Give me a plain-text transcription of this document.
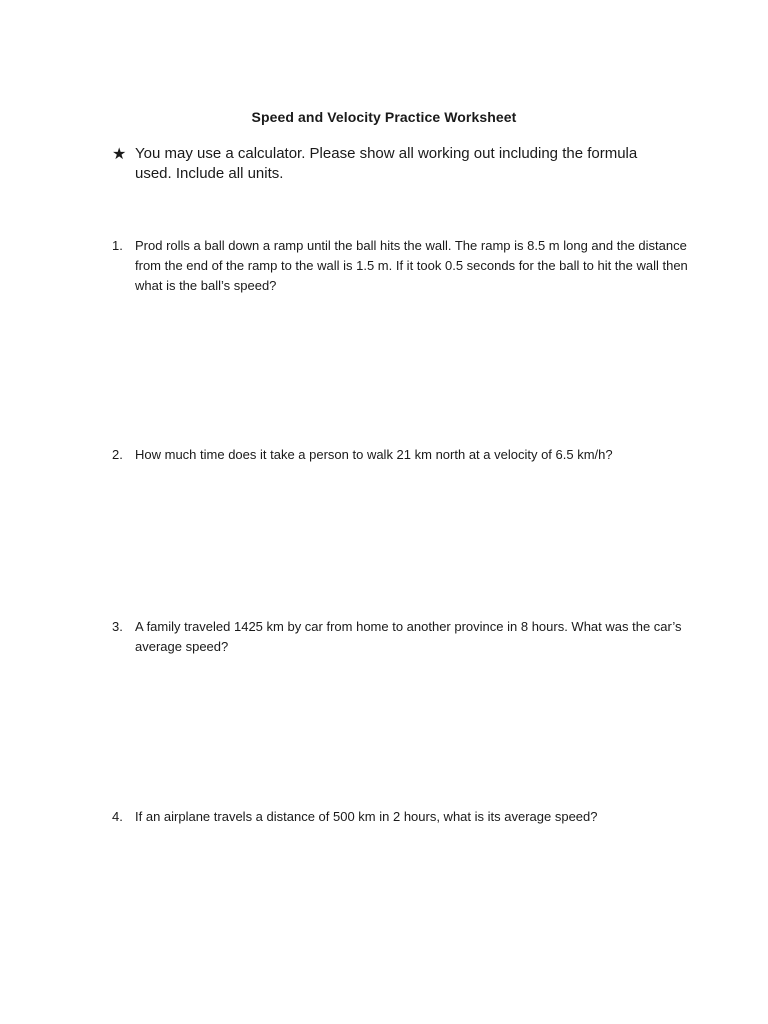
Speed and Velocity Practice Worksheet
★ You may use a calculator. Please show all working out including the formula used. Include all units.
1. Prod rolls a ball down a ramp until the ball hits the wall. The ramp is 8.5 m long and the distance from the end of the ramp to the wall is 1.5 m. If it took 0.5 seconds for the ball to hit the wall then what is the ball’s speed?
2. How much time does it take a person to walk 21 km north at a velocity of 6.5 km/h?
3. A family traveled 1425 km by car from home to another province in 8 hours. What was the car’s average speed?
4. If an airplane travels a distance of 500 km in 2 hours, what is its average speed?
